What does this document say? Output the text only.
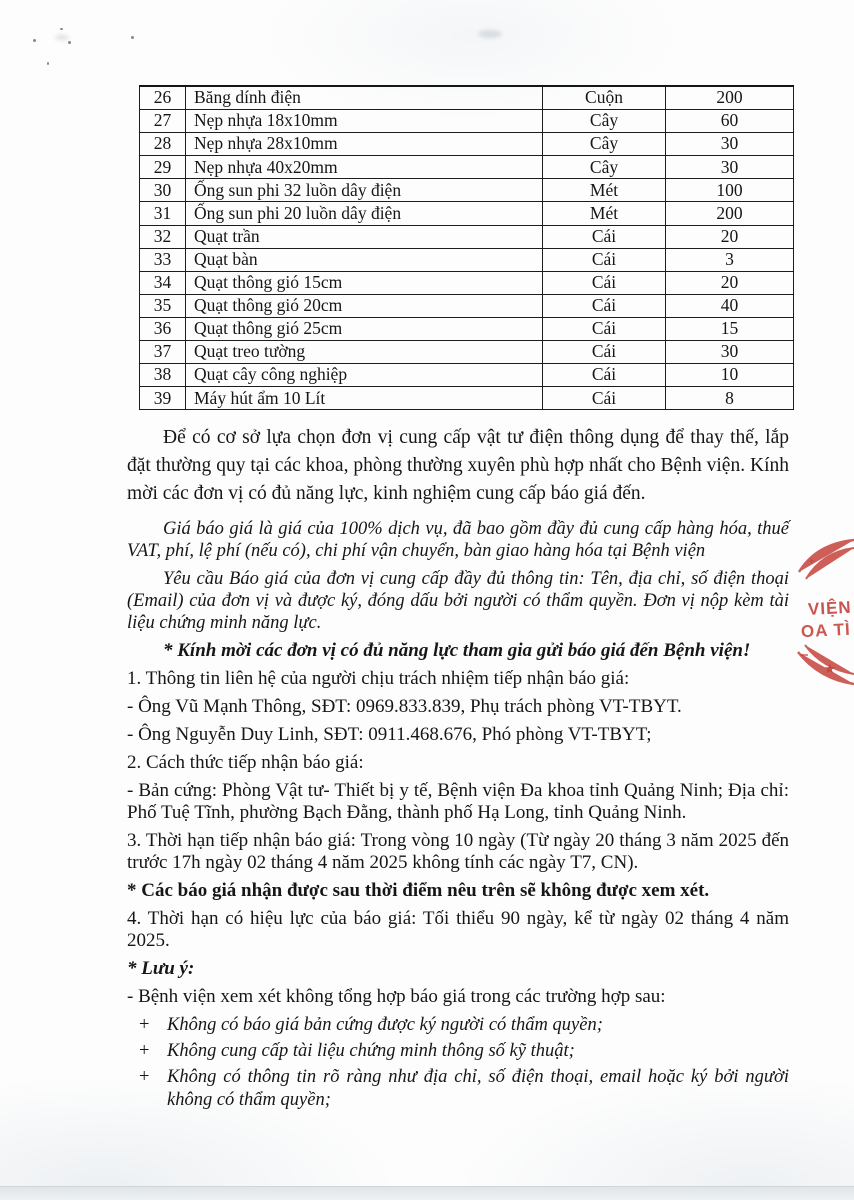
26	Băng dính điện	Cuộn	200
27	Nẹp nhựa 18x10mm	Cây	60
28	Nẹp nhựa 28x10mm	Cây	30
29	Nẹp nhựa 40x20mm	Cây	30
30	Ống sun phi 32 luồn dây điện	Mét	100
31	Ống sun phi 20 luồn dây điện	Mét	200
32	Quạt trần	Cái	20
33	Quạt bàn	Cái	3
34	Quạt thông gió 15cm	Cái	20
35	Quạt thông gió 20cm	Cái	40
36	Quạt thông gió 25cm	Cái	15
37	Quạt treo tường	Cái	30
38	Quạt cây công nghiệp	Cái	10
39	Máy hút ẩm 10 Lít	Cái	8

Để có cơ sở lựa chọn đơn vị cung cấp vật tư điện thông dụng để thay thế, lắp đặt thường quy tại các khoa, phòng thường xuyên phù hợp nhất cho Bệnh viện. Kính mời các đơn vị có đủ năng lực, kinh nghiệm cung cấp báo giá đến.

Giá báo giá là giá của 100% dịch vụ, đã bao gồm đầy đủ cung cấp hàng hóa, thuế VAT, phí, lệ phí (nếu có), chi phí vận chuyển, bàn giao hàng hóa tại Bệnh viện

Yêu cầu Báo giá của đơn vị cung cấp đầy đủ thông tin: Tên, địa chỉ, số điện thoại (Email) của đơn vị và được ký, đóng dấu bởi người có thẩm quyền. Đơn vị nộp kèm tài liệu chứng minh năng lực.

* Kính mời các đơn vị có đủ năng lực tham gia gửi báo giá đến Bệnh viện!

1. Thông tin liên hệ của người chịu trách nhiệm tiếp nhận báo giá:

- Ông Vũ Mạnh Thông, SĐT: 0969.833.839, Phụ trách phòng VT-TBYT.

- Ông Nguyễn Duy Linh, SĐT: 0911.468.676, Phó phòng VT-TBYT;

2. Cách thức tiếp nhận báo giá:

- Bản cứng: Phòng Vật tư- Thiết bị y tế, Bệnh viện Đa khoa tỉnh Quảng Ninh; Địa chỉ: Phố Tuệ Tĩnh, phường Bạch Đằng, thành phố Hạ Long, tỉnh Quảng Ninh.

3. Thời hạn tiếp nhận báo giá: Trong vòng 10 ngày (Từ ngày 20 tháng 3 năm 2025 đến trước 17h ngày 02 tháng 4 năm 2025 không tính các ngày T7, CN).

* Các báo giá nhận được sau thời điểm nêu trên sẽ không được xem xét.

4. Thời hạn có hiệu lực của báo giá: Tối thiểu 90 ngày, kể từ ngày 02 tháng 4 năm 2025.

* Lưu ý:

- Bệnh viện xem xét không tổng hợp báo giá trong các trường hợp sau:

+ Không có báo giá bản cứng được ký người có thẩm quyền;
+ Không cung cấp tài liệu chứng minh thông số kỹ thuật;
+ Không có thông tin rõ ràng như địa chỉ, số điện thoại, email hoặc ký bởi người không có thẩm quyền;
+
VIỆN
OA TÌ
★
